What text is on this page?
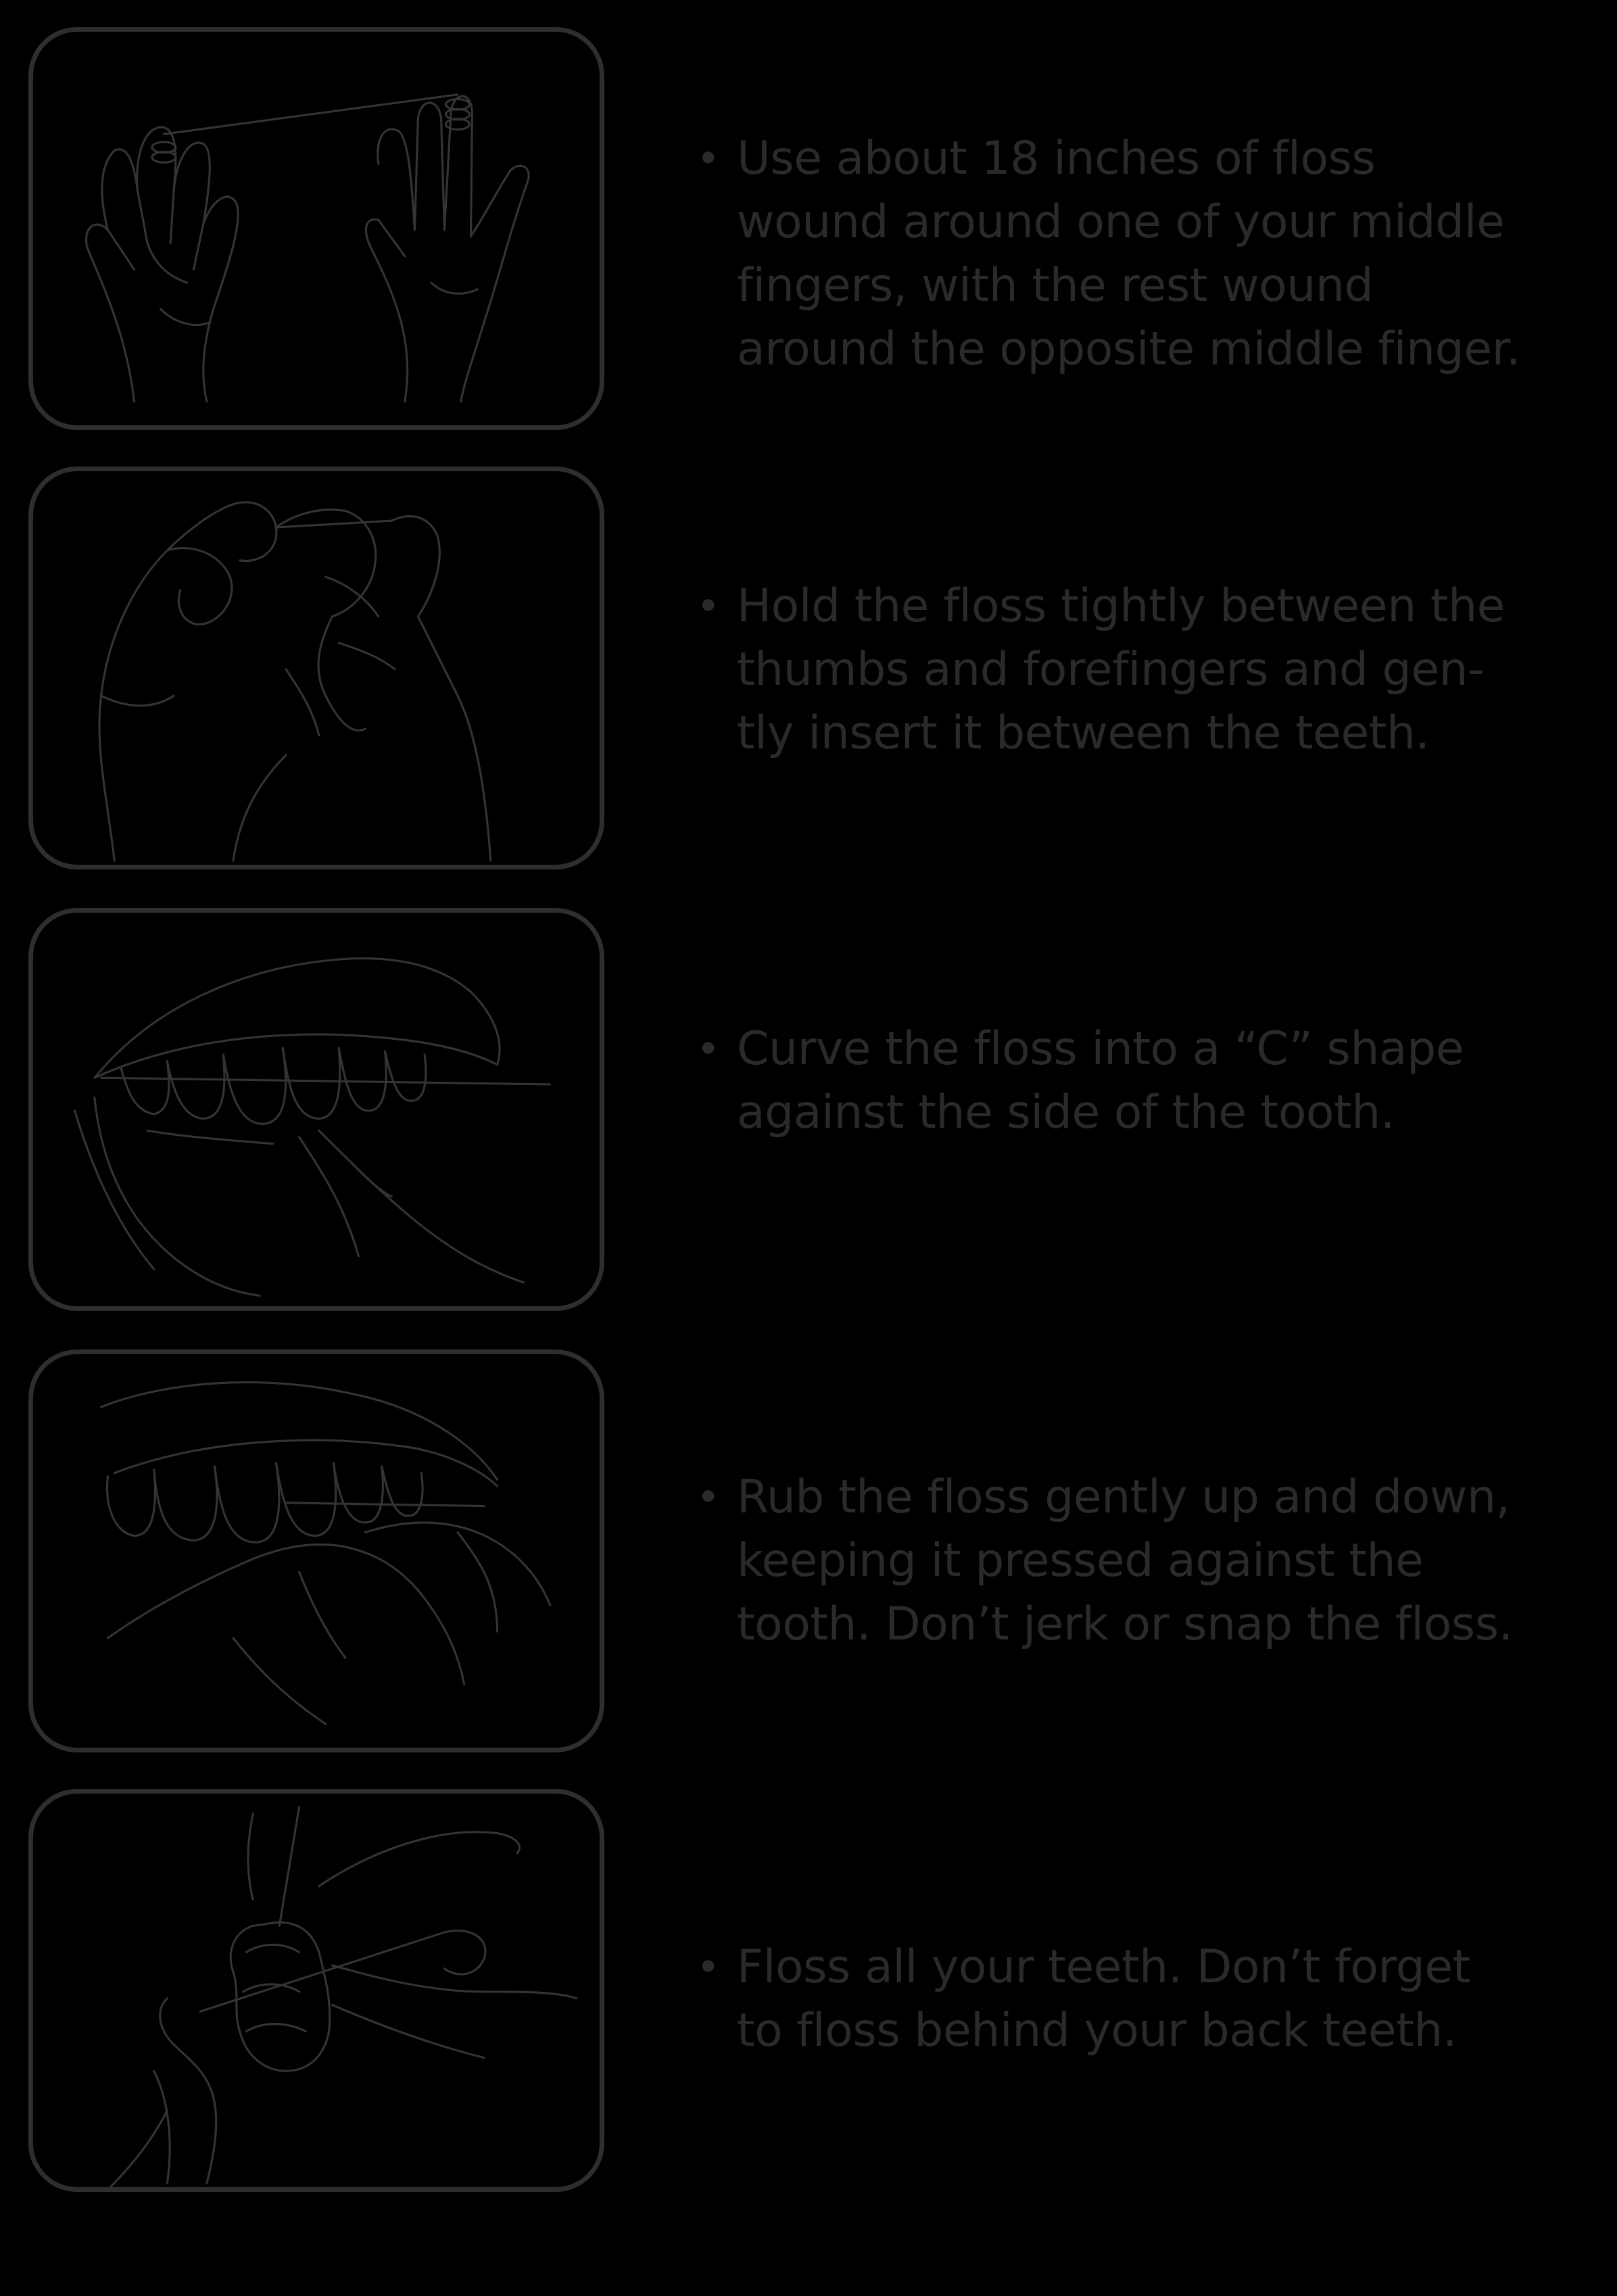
• Use about 18 inches of floss
wound around one of your middle
fingers, with the rest wound
around the opposite middle finger.
• Hold the floss tightly between the
thumbs and forefingers and gen-
tly insert it between the teeth.
• Curve the floss into a “C” shape
against the side of the tooth.
• Rub the floss gently up and down,
keeping it pressed against the
tooth. Don’t jerk or snap the floss.
• Floss all your teeth. Don’t forget
to floss behind your back teeth.
